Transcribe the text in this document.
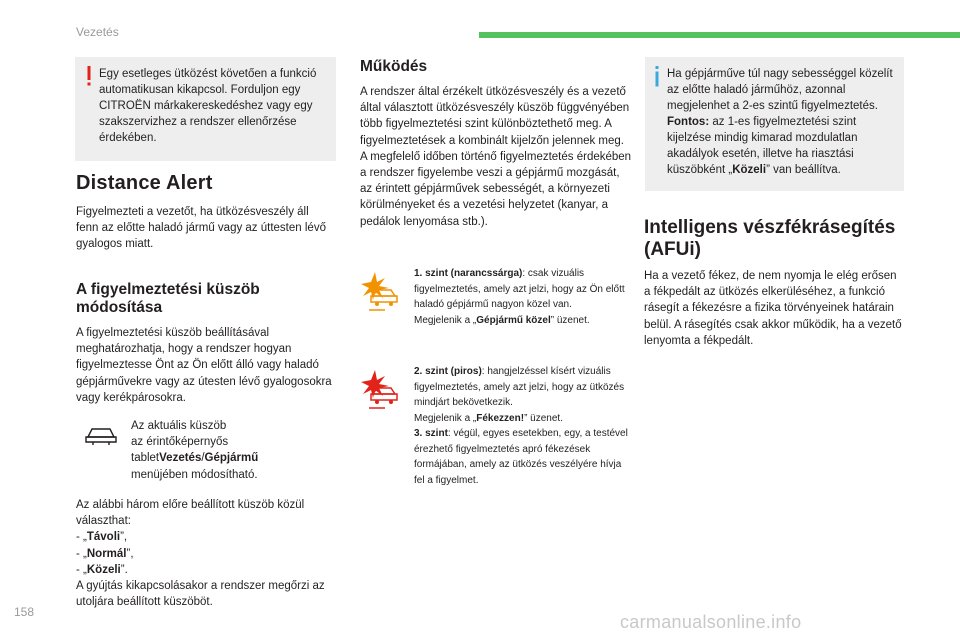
Vezetés
Egy esetleges ütközést követően a funkció automatikusan kikapcsol. Forduljon egy CITROËN márkakereskedéshez vagy egy szakszervizhez a rendszer ellenőrzése érdekében.
Distance Alert
Figyelmezteti a vezetőt, ha ütközésveszély áll fenn az előtte haladó jármű vagy az úttesten lévő gyalogos miatt.
A figyelmeztetési küszöb módosítása
A figyelmeztetési küszöb beállításával meghatározhatja, hogy a rendszer hogyan figyelmeztesse Önt az Ön előtt álló vagy haladó gépjárművekre vagy az útesten lévő gyalogosokra vagy kerékpárosokra.
Az aktuális küszöb
az érintőképernyős
tabletVezetés/Gépjármű
menüjében módosítható.
Az alábbi három előre beállított küszöb közül választhat:
- „Távoli”,
- „Normál”,
- „Közeli”.
A gyújtás kikapcsolásakor a rendszer megőrzi az utoljára beállított küszöböt.
Működés
A rendszer által érzékelt ütközésveszély és a vezető által választott ütközésveszély küszöb függvényében több figyelmeztetési szint különböztethető meg. A figyelmeztetések a kombinált kijelzőn jelennek meg. A megfelelő időben történő figyelmeztetés érdekében a rendszer figyelembe veszi a gépjármű mozgását, az érintett gépjárművek sebességét, a környezeti körülményeket és a vezetési helyzetet (kanyar, a pedálok lenyomása stb.).
1. szint (narancssárga): csak vizuális figyelmeztetés, amely azt jelzi, hogy az Ön előtt haladó gépjármű nagyon közel van.
Megjelenik a „Gépjármű közel” üzenet.
2. szint (piros): hangjelzéssel kísért vizuális figyelmeztetés, amely azt jelzi, hogy az ütközés mindjárt bekövetkezik.
Megjelenik a „Fékezzen!” üzenet.
3. szint: végül, egyes esetekben, egy, a testével érezhető figyelmeztetés apró fékezések formájában, amely az ütközés veszélyére hívja fel a figyelmet.
Ha gépjárműve túl nagy sebességgel közelít az előtte haladó járműhöz, azonnal megjelenhet a 2-es szintű figyelmeztetés.
Fontos: az 1-es figyelmeztetési szint kijelzése mindig kimarad mozdulatlan akadályok esetén, illetve ha riasztási küszöbként „Közeli” van beállítva.
Intelligens vészfékrásegítés (AFUi)
Ha a vezető fékez, de nem nyomja le elég erősen a fékpedált az ütközés elkerüléséhez, a funkció rásegít a fékezésre a fizika törvényeinek határain belül. A rásegítés csak akkor működik, ha a vezető lenyomta a fékpedált.
158	carmanualsonline.info
